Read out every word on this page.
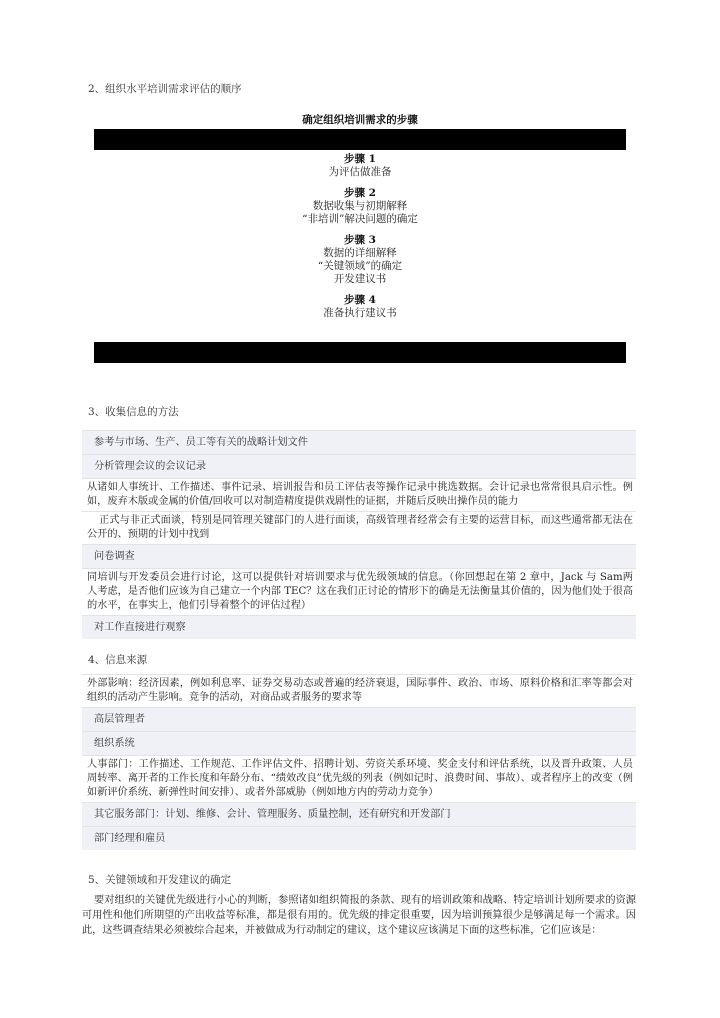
2、组织水平培训需求评估的顺序
确定组织培训需求的步骤
步骤 1
为评估做准备
步骤 2
数据收集与初期解释
“非培训”解决问题的确定
步骤 3
数据的详细解释
“关键领域”的确定
开发建议书
步骤 4
准备执行建议书
3、收集信息的方法
参考与市场、生产、员工等有关的战略计划文件
分析管理会议的会议记录
从诸如人事统计、工作描述、事件记录、培训报告和员工评估表等操作记录中挑选数据。会计记录也常常很具启示性。例如，废弃木版或金属的价值/回收可以对制造精度提供戏剧性的证据，并随后反映出操作员的能力
正式与非正式面谈，特别是同管理关键部门的人进行面谈，高级管理者经常会有主要的运营目标，而这些通常都无法在公开的、预期的计划中找到
问卷调查
同培训与开发委员会进行讨论，这可以提供针对培训要求与优先级领域的信息。（你回想起在第 2 章中，Jack 与 Sam两人考虑，是否他们应该为自己建立一个内部 TEC？这在我们正讨论的情形下的确是无法衡量其价值的，因为他们处于很高的水平，在事实上，他们引导着整个的评估过程）
对工作直接进行观察
4、信息来源
外部影响：经济因素，例如利息率、证券交易动态或普遍的经济衰退，国际事件、政治、市场、原料价格和汇率等都会对组织的活动产生影响。竞争的活动，对商品或者服务的要求等
高层管理者
组织系统
人事部门：工作描述、工作规范、工作评估文件、招聘计划、劳资关系环境、奖金支付和评估系统，以及晋升政策、人员周转率、离开者的工作长度和年龄分布、“绩效改良”优先级的列表（例如记时、浪费时间、事故）、或者程序上的改变（例如新评价系统、新弹性时间安排）、或者外部威胁（例如地方内的劳动力竞争）
其它服务部门：计划、维修、会计、管理服务、质量控制，还有研究和开发部门
部门经理和雇员
5、关键领域和开发建议的确定
要对组织的关键优先级进行小心的判断，参照诸如组织简报的条款、现有的培训政策和战略、特定培训计划所要求的资源可用性和他们所期望的产出收益等标准，都是很有用的。优先级的排定很重要，因为培训预算很少是够满足每一个需求。因此，这些调查结果必须被综合起来，并被做成为行动制定的建议，这个建议应该满足下面的这些标准，它们应该是：
